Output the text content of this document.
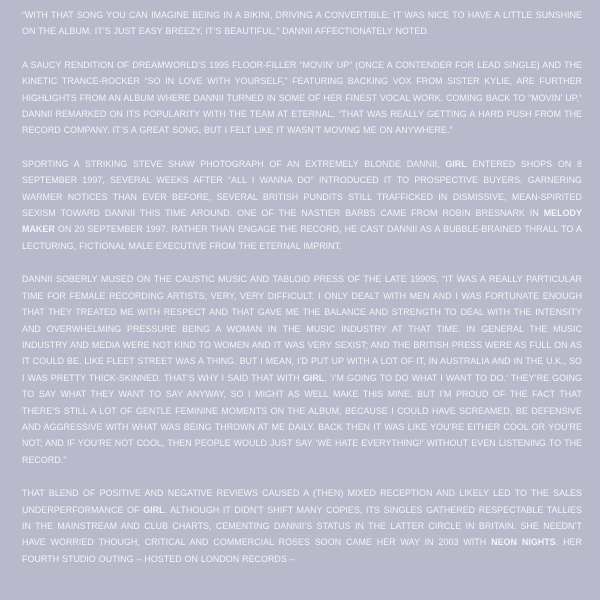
“WITH THAT SONG YOU CAN IMAGINE BEING IN A BIKINI, DRIVING A CONVERTIBLE; IT WAS NICE TO HAVE A LITTLE SUNSHINE ON THE ALBUM. IT’S JUST EASY BREEZY, IT’S BEAUTIFUL,” DANNII AFFECTIONATELY NOTED.

A SAUCY RENDITION OF DREAMWORLD’S 1995 FLOOR-FILLER “MOVIN’ UP” (ONCE A CONTENDER FOR LEAD SINGLE) AND THE KINETIC TRANCE-ROCKER “SO IN LOVE WITH YOURSELF,” FEATURING BACKING VOX FROM SISTER KYLIE, ARE FURTHER HIGHLIGHTS FROM AN ALBUM WHERE DANNII TURNED IN SOME OF HER FINEST VOCAL WORK. COMING BACK TO “MOVIN’ UP,” DANNII REMARKED ON ITS POPULARITY WITH THE TEAM AT ETERNAL, “THAT WAS REALLY GETTING A HARD PUSH FROM THE RECORD COMPANY. IT’S A GREAT SONG, BUT I FELT LIKE IT WASN’T MOVING ME ON ANYWHERE.”

SPORTING A STRIKING STEVE SHAW PHOTOGRAPH OF AN EXTREMELY BLONDE DANNII, GIRL ENTERED SHOPS ON 8 SEPTEMBER 1997, SEVERAL WEEKS AFTER “ALL I WANNA DO” INTRODUCED IT TO PROSPECTIVE BUYERS. GARNERING WARMER NOTICES THAN EVER BEFORE, SEVERAL BRITISH PUNDITS STILL TRAFFICKED IN DISMISSIVE, MEAN-SPIRITED SEXISM TOWARD DANNII THIS TIME AROUND. ONE OF THE NASTIER BARBS CAME FROM ROBIN BRESNARK IN MELODY MAKER ON 20 SEPTEMBER 1997. RATHER THAN ENGAGE THE RECORD, HE CAST DANNII AS A BUBBLE-BRAINED THRALL TO A LECTURING, FICTIONAL MALE EXECUTIVE FROM THE ETERNAL IMPRINT.

DANNII SOBERLY MUSED ON THE CAUSTIC MUSIC AND TABLOID PRESS OF THE LATE 1990S, “IT WAS A REALLY PARTICULAR TIME FOR FEMALE RECORDING ARTISTS; VERY, VERY DIFFICULT. I ONLY DEALT WITH MEN AND I WAS FORTUNATE ENOUGH THAT THEY TREATED ME WITH RESPECT AND THAT GAVE ME THE BALANCE AND STRENGTH TO DEAL WITH THE INTENSITY AND OVERWHELMING PRESSURE BEING A WOMAN IN THE MUSIC INDUSTRY AT THAT TIME. IN GENERAL THE MUSIC INDUSTRY AND MEDIA WERE NOT KIND TO WOMEN AND IT WAS VERY SEXIST; AND THE BRITISH PRESS WERE AS FULL ON AS IT COULD BE. LIKE FLEET STREET WAS A THING. BUT I MEAN, I’D PUT UP WITH A LOT OF IT, IN AUSTRALIA AND IN THE U.K., SO I WAS PRETTY THICK-SKINNED. THAT’S WHY I SAID THAT WITH GIRL, ‘I’M GOING TO DO WHAT I WANT TO DO.’ THEY’RE GOING TO SAY WHAT THEY WANT TO SAY ANYWAY, SO I MIGHT AS WELL MAKE THIS MINE. BUT I’M PROUD OF THE FACT THAT THERE’S STILL A LOT OF GENTLE FEMININE MOMENTS ON THE ALBUM, BECAUSE I COULD HAVE SCREAMED, BE DEFENSIVE AND AGGRESSIVE WITH WHAT WAS BEING THROWN AT ME DAILY. BACK THEN IT WAS LIKE YOU’RE EITHER COOL OR YOU’RE NOT; AND IF YOU’RE NOT COOL, THEN PEOPLE WOULD JUST SAY ‘WE HATE EVERYTHING!’ WITHOUT EVEN LISTENING TO THE RECORD.”

THAT BLEND OF POSITIVE AND NEGATIVE REVIEWS CAUSED A (THEN) MIXED RECEPTION AND LIKELY LED TO THE SALES UNDERPERFORMANCE OF GIRL. ALTHOUGH IT DIDN’T SHIFT MANY COPIES, ITS SINGLES GATHERED RESPECTABLE TALLIES IN THE MAINSTREAM AND CLUB CHARTS, CEMENTING DANNII’S STATUS IN THE LATTER CIRCLE IN BRITAIN. SHE NEEDN’T HAVE WORRIED THOUGH, CRITICAL AND COMMERCIAL ROSES SOON CAME HER WAY IN 2003 WITH NEON NIGHTS. HER FOURTH STUDIO OUTING – HOSTED ON LONDON RECORDS –
